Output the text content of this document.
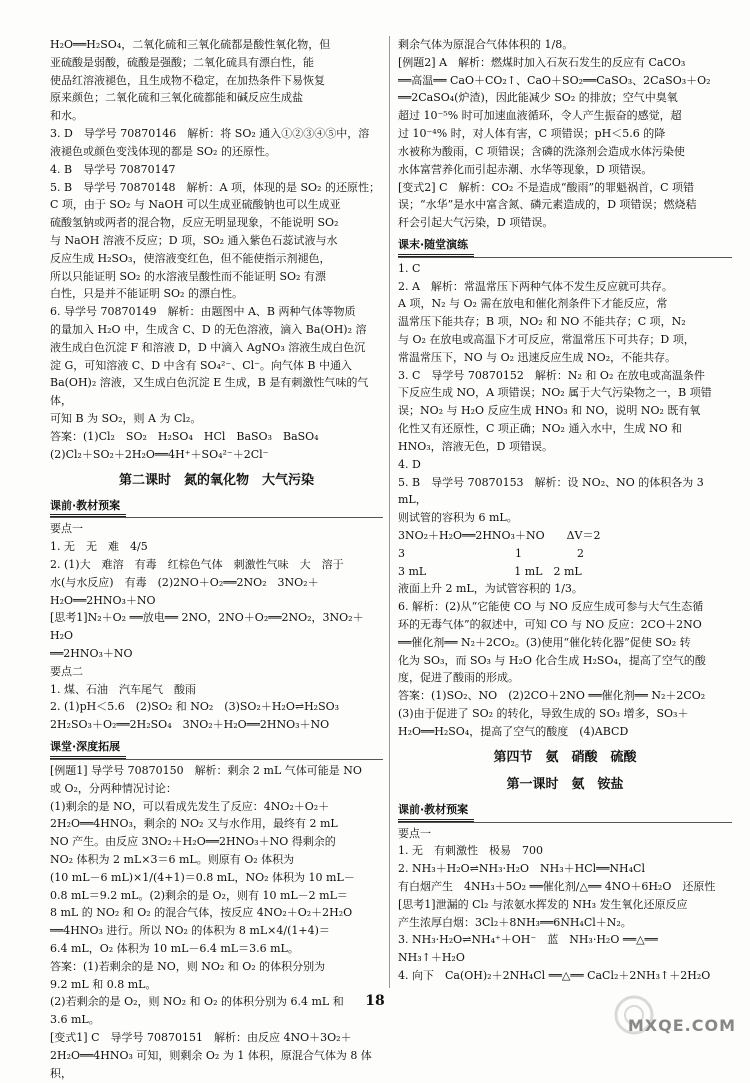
H₂O══H₂SO₄，二氧化硫和三氧化硫都是酸性氧化物，但
亚硫酸是弱酸，硫酸是强酸；二氧化硫具有漂白性，能
使品红溶液褪色，且生成物不稳定，在加热条件下易恢复
原来颜色；二氧化硫和三氧化硫都能和碱反应生成盐
和水。
3. D　导学号 70870146　解析：将 SO₂ 通入①②③④⑤中，溶
液褪色或颜色变浅体现的都是 SO₂ 的还原性。
4. B　导学号 70870147
5. B　导学号 70870148　解析：A 项，体现的是 SO₂ 的还原性；
C 项，由于 SO₂ 与 NaOH 可以生成亚硫酸钠也可以生成亚
硫酸氢钠或两者的混合物，反应无明显现象，不能说明 SO₂
与 NaOH 溶液不反应；D 项，SO₂ 通入紫色石蕊试液与水
反应生成 H₂SO₃，使溶液变红色，但不能使指示剂褪色，
所以只能证明 SO₂ 的水溶液呈酸性而不能证明 SO₂ 有漂
白性，只是并不能证明 SO₂ 的漂白性。
6. 导学号 70870149　解析：由题图中 A、B 两种气体等物质
的量加入 H₂O 中，生成含 C、D 的无色溶液，滴入 Ba(OH)₂ 溶
液生成白色沉淀 F 和溶液 D，D 中滴入 AgNO₃ 溶液生成白色沉
淀 G，可知溶液 C、D 中含有 SO₄²⁻、Cl⁻。向气体 B 中通入
Ba(OH)₂ 溶液，又生成白色沉淀 E 生成，B 是有刺激性气味的气体，
可知 B 为 SO₂，则 A 为 Cl₂。
答案：(1)Cl₂　SO₂　H₂SO₄　HCl　BaSO₃　BaSO₄
(2)Cl₂＋SO₂＋2H₂O══4H⁺＋SO₄²⁻＋2Cl⁻
第二课时　氮的氧化物　大气污染
课前·教材预案
要点一
1. 无　无　难　4/5
2. (1)大　难溶　有毒　红棕色气体　刺激性气味　大　溶于
水(与水反应)　有毒　(2)2NO＋O₂══2NO₂　3NO₂＋
H₂O══2HNO₃＋NO
[思考1]N₂＋O₂ ══放电══ 2NO，2NO＋O₂══2NO₂，3NO₂＋H₂O
══2HNO₃＋NO
要点二
1. 煤、石油　汽车尾气　酸雨
2. (1)pH＜5.6　(2)SO₂ 和 NO₂　(3)SO₂＋H₂O⇌H₂SO₃
2H₂SO₃＋O₂══2H₂SO₄　3NO₂＋H₂O══2HNO₃＋NO
课堂·深度拓展
[例题1] 导学号 70870150　解析：剩余 2 mL 气体可能是 NO
或 O₂，分两种情况讨论：
(1)剩余的是 NO，可以看成先发生了反应：4NO₂＋O₂＋
2H₂O══4HNO₃，剩余的 NO₂ 又与水作用，最终有 2 mL
NO 产生。由反应 3NO₂＋H₂O══2HNO₃＋NO 得剩余的
NO₂ 体积为 2 mL×3＝6 mL。则原有 O₂ 体积为
(10 mL－6 mL)×1/(4+1)＝0.8 mL，NO₂ 体积为 10 mL－
0.8 mL＝9.2 mL。(2)剩余的是 O₂，则有 10 mL－2 mL＝
8 mL 的 NO₂ 和 O₂ 的混合气体，按反应 4NO₂＋O₂＋2H₂O
══4HNO₃ 进行。所以 NO₂ 的体积为 8 mL×4/(1+4)＝
6.4 mL，O₂ 体积为 10 mL－6.4 mL＝3.6 mL。
答案：(1)若剩余的是 NO，则 NO₂ 和 O₂ 的体积分别为
9.2 mL 和 0.8 mL。
(2)若剩余的是 O₂，则 NO₂ 和 O₂ 的体积分别为 6.4 mL 和
3.6 mL。
[变式1] C　导学号 70870151　解析：由反应 4NO＋3O₂＋
2H₂O══4HNO₃ 可知，则剩余 O₂ 为 1 体积，原混合气体为 8 体积，
剩余气体为原混合气体体积的 1/8。
[例题2] A　解析：燃煤时加入石灰石发生的反应有 CaCO₃
══高温══ CaO＋CO₂↑、CaO＋SO₂══CaSO₃、2CaSO₃＋O₂
══2CaSO₄(炉渣)，因此能减少 SO₂ 的排放；空气中臭氧
超过 10⁻⁵% 时可加速血液循环，令人产生振奋的感觉，超
过 10⁻⁴% 时，对人体有害，C 项错误；pH＜5.6 的降
水被称为酸雨，C 项错误；含磷的洗涤剂会造成水体污染使
水体富营养化而引起赤潮、水华等现象，D 项错误。
[变式2] C　解析：CO₂ 不是造成“酸雨”的罪魁祸首，C 项错
误；“水华”是水中富含氮、磷元素造成的，D 项错误；燃烧秸
秆会引起大气污染，D 项错误。
课末·随堂演练
1. C
2. A　解析：常温常压下两种气体不发生反应就可共存。
A 项，N₂ 与 O₂ 需在放电和催化剂条件下才能反应，常
温常压下能共存；B 项，NO₂ 和 NO 不能共存；C 项，N₂
与 O₂ 在放电或高温下才可反应，常温常压下可共存；D 项，
常温常压下，NO 与 O₂ 迅速反应生成 NO₂，不能共存。
3. C　导学号 70870152　解析：N₂ 和 O₂ 在放电或高温条件
下反应生成 NO，A 项错误；NO₂ 属于大气污染物之一，B 项错
误；NO₂ 与 H₂O 反应生成 HNO₃ 和 NO，说明 NO₂ 既有氧
化性又有还原性，C 项正确；NO₂ 通入水中，生成 NO 和
HNO₃，溶液无色，D 项错误。
4. D
5. B　导学号 70870153　解析：设 NO₂、NO 的体积各为 3 mL，
则试管的容积为 6 mL。
3NO₂＋H₂O══2HNO₃＋NO　　ΔV＝2
3　　　　　　　　　　1　　　　　2
3 mL　　　　　　　　1 mL　2 mL
液面上升 2 mL，为试管容积的 1/3。
6. 解析：(2)从“它能使 CO 与 NO 反应生成可参与大气生态循
环的无毒气体”的叙述中，可知 CO 与 NO 反应：2CO＋2NO
══催化剂══ N₂＋2CO₂。(3)使用“催化转化器”促使 SO₂ 转
化为 SO₃，而 SO₃ 与 H₂O 化合生成 H₂SO₄，提高了空气的酸
度，促进了酸雨的形成。
答案：(1)SO₂、NO　(2)2CO＋2NO ══催化剂══ N₂＋2CO₂
(3)由于促进了 SO₂ 的转化，导致生成的 SO₃ 增多，SO₃＋
H₂O══H₂SO₄，提高了空气的酸度　(4)ABCD
第四节　氨　硝酸　硫酸
第一课时　氨　铵盐
课前·教材预案
要点一
1. 无　有刺激性　极易　700
2. NH₃＋H₂O⇌NH₃·H₂O　NH₃＋HCl══NH₄Cl
有白烟产生　4NH₃＋5O₂ ══催化剂/△══ 4NO＋6H₂O　还原性
[思考1]泄漏的 Cl₂ 与浓氨水挥发的 NH₃ 发生氧化还原反应
产生浓厚白烟：3Cl₂＋8NH₃══6NH₄Cl＋N₂。
3. NH₃·H₂O⇌NH₄⁺＋OH⁻　蓝　NH₃·H₂O ══△══
NH₃↑＋H₂O
4. 向下　Ca(OH)₂＋2NH₄Cl ══△══ CaCl₂＋2NH₃↑＋2H₂O
18
MXQE.COM
